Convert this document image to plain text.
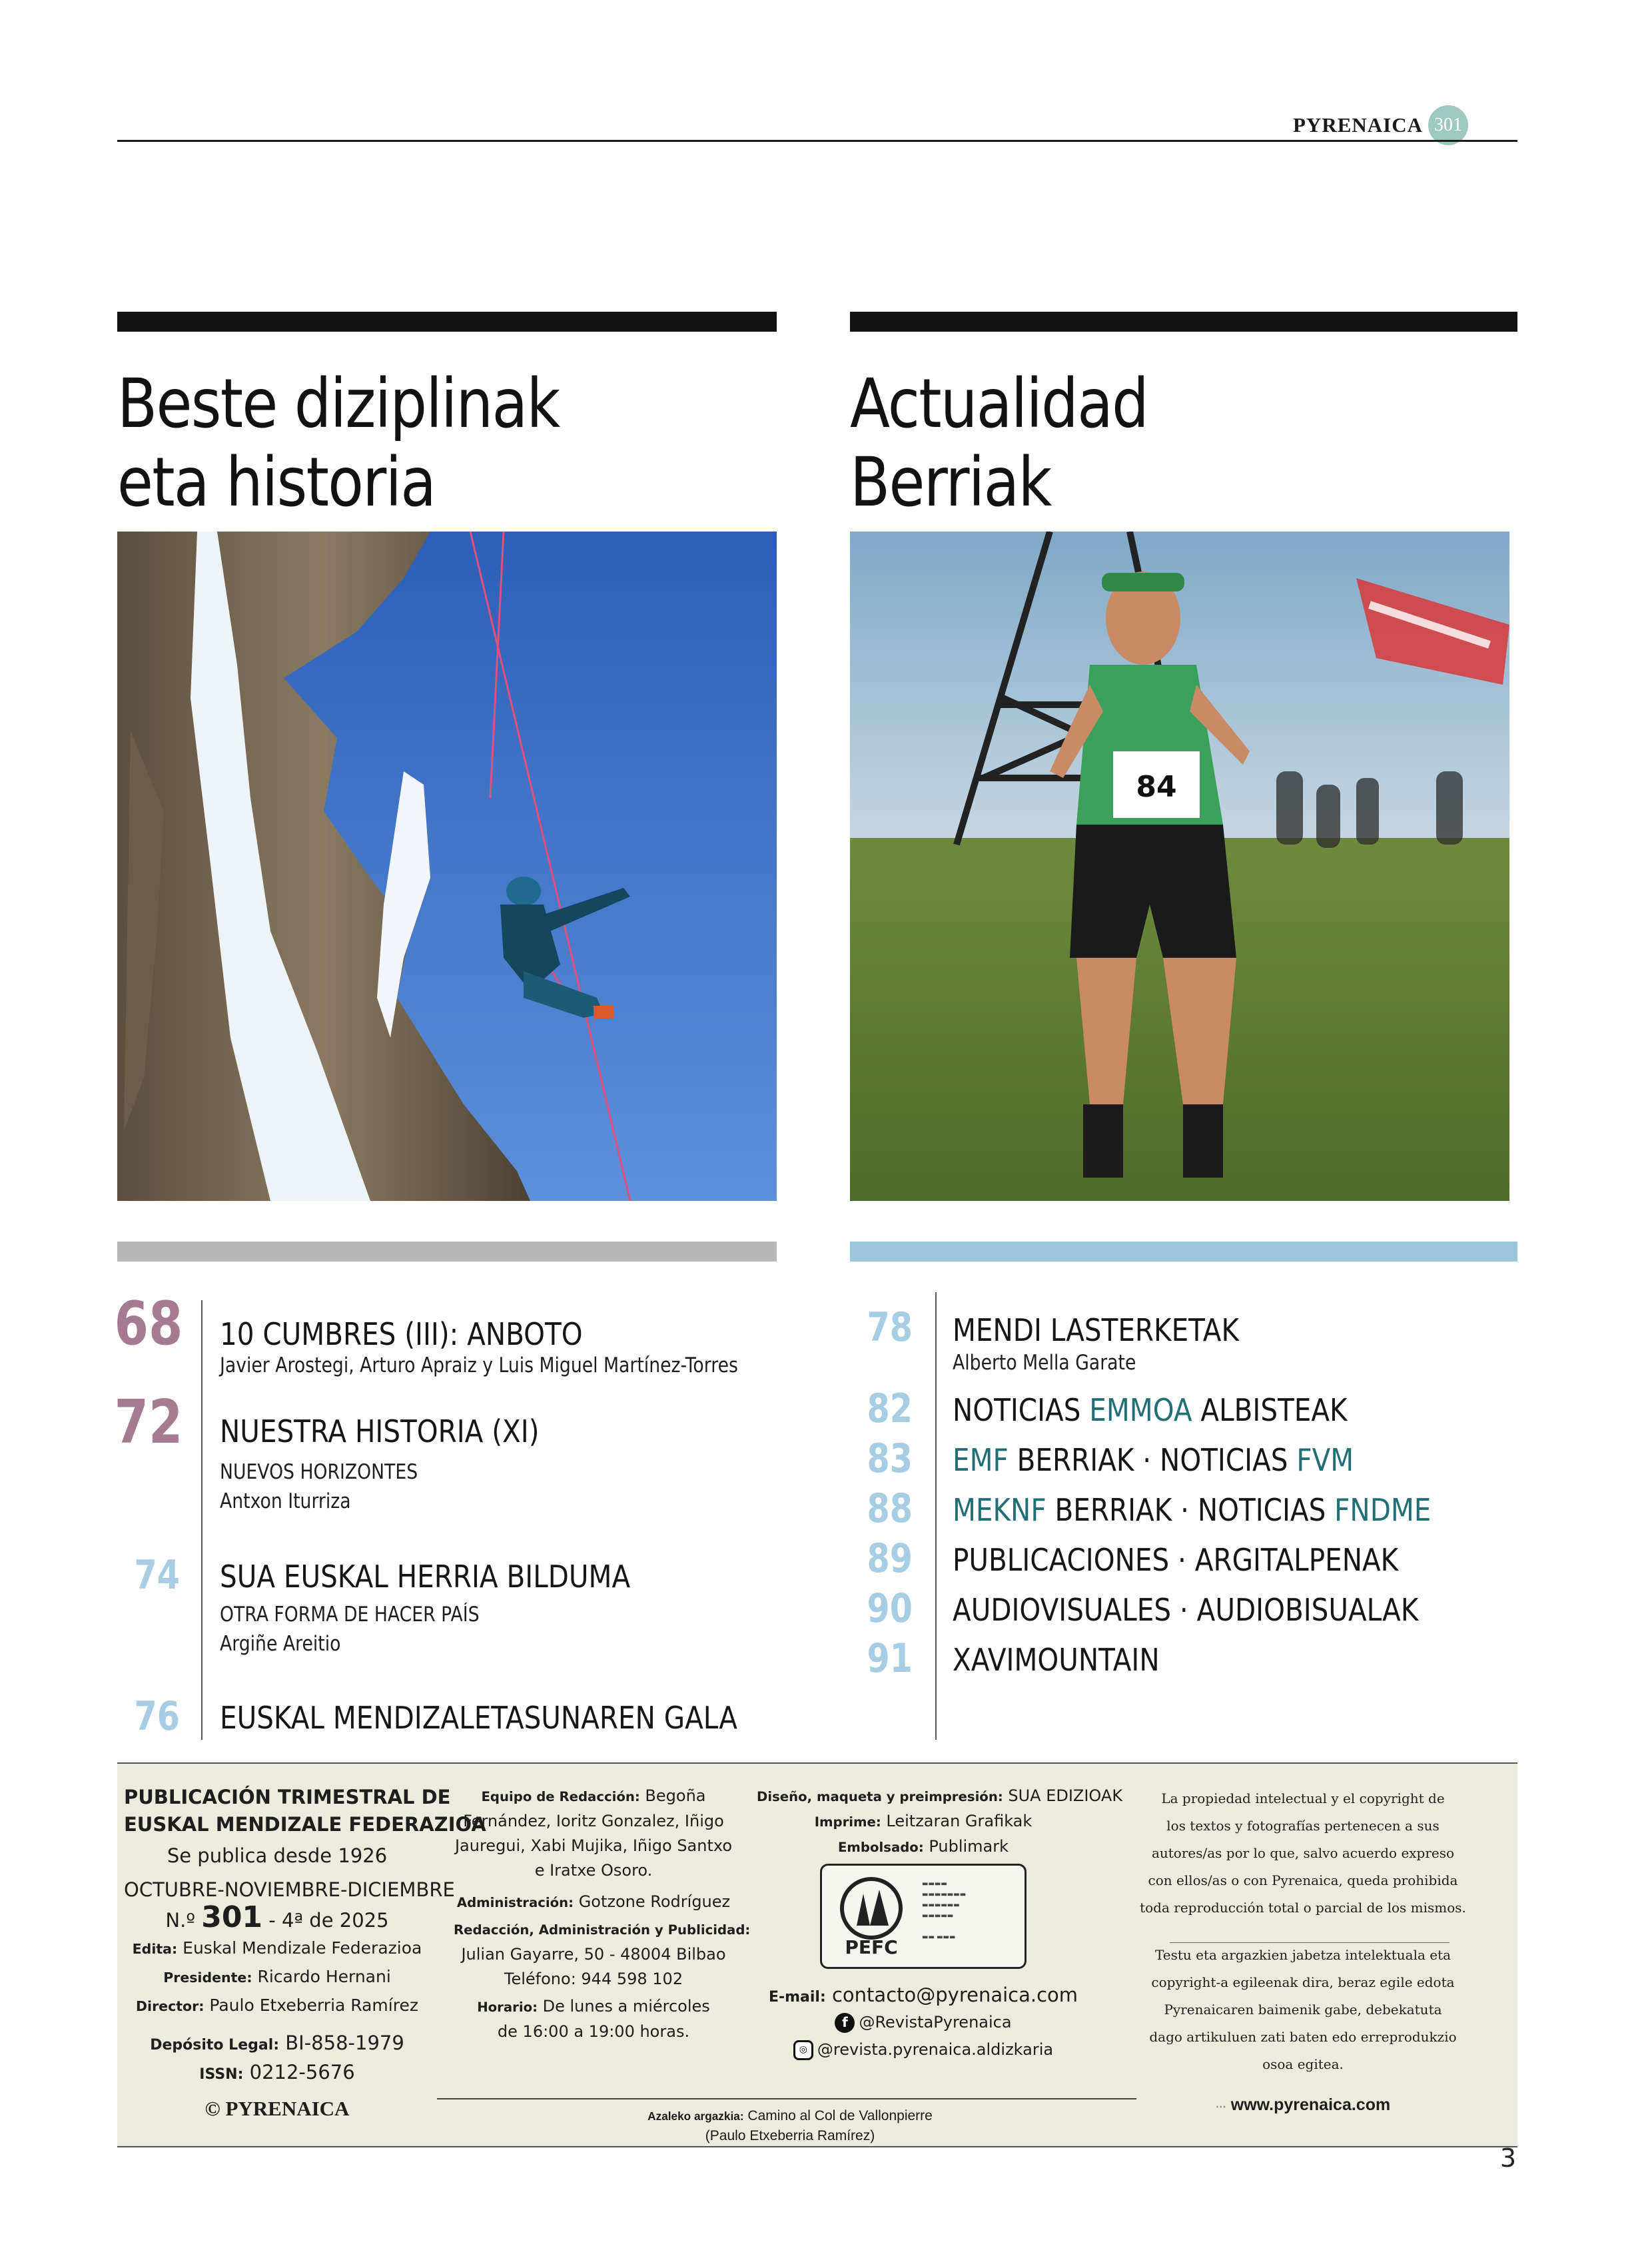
PYRENAICA 301
Beste diziplinak
eta historia
68 10 CUMBRES (III): ANBOTO
Javier Arostegi, Arturo Apraiz y Luis Miguel Martínez-Torres
72 NUESTRA HISTORIA (XI)
NUEVOS HORIZONTES
Antxon Iturriza
74 SUA EUSKAL HERRIA BILDUMA
OTRA FORMA DE HACER PAÍS
Argiñe Areitio
76 EUSKAL MENDIZALETASUNAREN GALA
Actualidad
Berriak
84
78 MENDI LASTERKETAK
Alberto Mella Garate
82 NOTICIAS EMMOA ALBISTEAK
83 EMF BERRIAK · NOTICIAS FVM
88 MEKNF BERRIAK · NOTICIAS FNDME
89 PUBLICACIONES · ARGITALPENAK
90 AUDIOVISUALES · AUDIOBISUALAK
91 XAVIMOUNTAIN
PUBLICACIÓN TRIMESTRAL DE
EUSKAL MENDIZALE FEDERAZIOA
Se publica desde 1926
OCTUBRE-NOVIEMBRE-DICIEMBRE
N.º 301 - 4ª de 2025
Edita: Euskal Mendizale Federazioa
Presidente: Ricardo Hernani
Director: Paulo Etxeberria Ramírez
Depósito Legal: BI-858-1979
ISSN: 0212-5676
© PYRENAICA
Equipo de Redacción: Begoña
Fernández, Ioritz Gonzalez, Iñigo
Jauregui, Xabi Mujika, Iñigo Santxo
e Iratxe Osoro.
Administración: Gotzone Rodríguez
Redacción, Administración y Publicidad:
Julian Gayarre, 50 - 48004 Bilbao
Teléfono: 944 598 102
Horario: De lunes a miércoles
de 16:00 a 19:00 horas.
Diseño, maqueta y preimpresión: SUA EDIZIOAK
Imprime: Leitzaran Grafikak
Embolsado: Publimark
PEFC
▬▬▬▬
▬▬▬▬▬▬▬
▬▬▬▬▬▬
▬▬▬▬▬

▬▬ ▬▬▬
E-mail: contacto@pyrenaica.com
f @RevistaPyrenaica
◎ @revista.pyrenaica.aldizkaria
La propiedad intelectual y el copyright de
los textos y fotografías pertenecen a sus
autores/as por lo que, salvo acuerdo expreso
con ellos/as o con Pyrenaica, queda prohibida
toda reproducción total o parcial de los mismos.
Testu eta argazkien jabetza intelektuala eta
copyright-a egileenak dira, beraz egile edota
Pyrenaicaren baimenik gabe, debekatuta
dago artikuluen zati baten edo erreprodukzio
osoa egitea.
⋯ www.pyrenaica.com
Azaleko argazkia: Camino al Col de Vallonpierre
(Paulo Etxeberria Ramírez)
3
